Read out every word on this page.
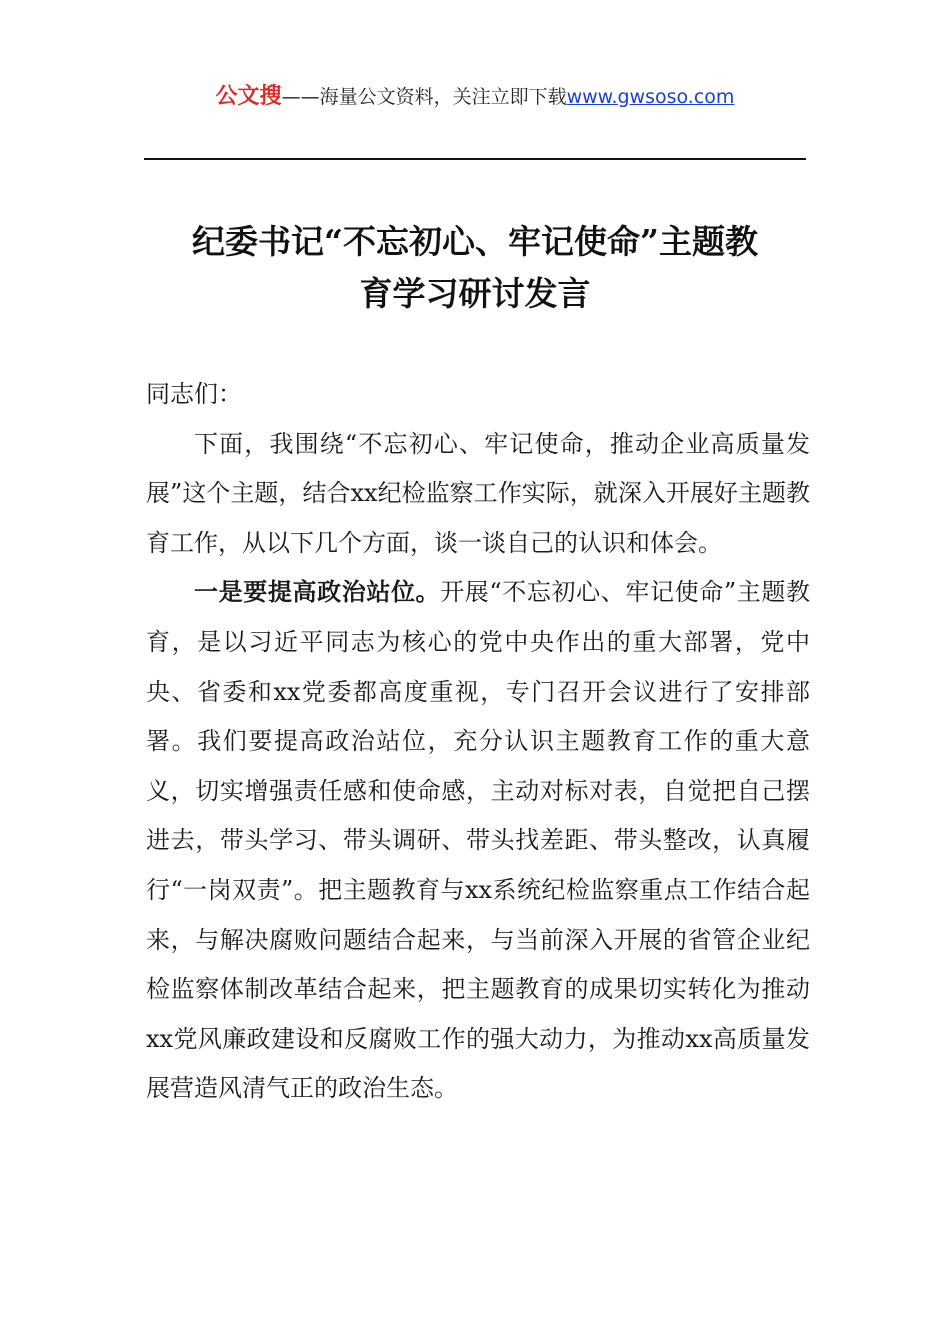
公文搜——海量公文资料，关注立即下载www.gwsoso.com
纪委书记“不忘初心、牢记使命”主题教
育学习研讨发言

同志们：

下面，我围绕“不忘初心、牢记使命，推动企业高质量发展”这个主题，结合xx纪检监察工作实际，就深入开展好主题教育工作，从以下几个方面，谈一谈自己的认识和体会。

一是要提高政治站位。开展“不忘初心、牢记使命”主题教育，是以习近平同志为核心的党中央作出的重大部署，党中央、省委和xx党委都高度重视，专门召开会议进行了安排部署。我们要提高政治站位，充分认识主题教育工作的重大意义，切实增强责任感和使命感，主动对标对表，自觉把自己摆进去，带头学习、带头调研、带头找差距、带头整改，认真履行“一岗双责”。把主题教育与xx系统纪检监察重点工作结合起来，与解决腐败问题结合起来，与当前深入开展的省管企业纪检监察体制改革结合起来，把主题教育的成果切实转化为推动xx党风廉政建设和反腐败工作的强大动力，为推动xx高质量发展营造风清气正的政治生态。
